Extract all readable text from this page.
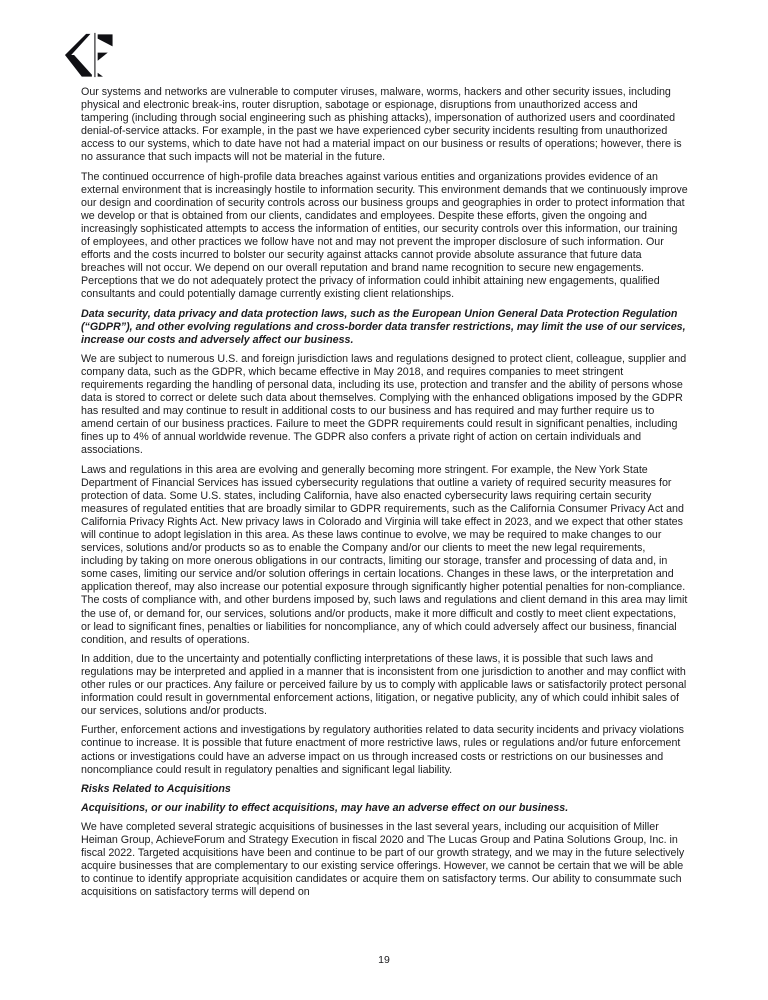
Our systems and networks are vulnerable to computer viruses, malware, worms, hackers and other security issues, including physical and electronic break-ins, router disruption, sabotage or espionage, disruptions from unauthorized access and tampering (including through social engineering such as phishing attacks), impersonation of authorized users and coordinated denial-of-service attacks. For example, in the past we have experienced cyber security incidents resulting from unauthorized access to our systems, which to date have not had a material impact on our business or results of operations; however, there is no assurance that such impacts will not be material in the future.
The continued occurrence of high-profile data breaches against various entities and organizations provides evidence of an external environment that is increasingly hostile to information security. This environment demands that we continuously improve our design and coordination of security controls across our business groups and geographies in order to protect information that we develop or that is obtained from our clients, candidates and employees. Despite these efforts, given the ongoing and increasingly sophisticated attempts to access the information of entities, our security controls over this information, our training of employees, and other practices we follow have not and may not prevent the improper disclosure of such information. Our efforts and the costs incurred to bolster our security against attacks cannot provide absolute assurance that future data breaches will not occur. We depend on our overall reputation and brand name recognition to secure new engagements. Perceptions that we do not adequately protect the privacy of information could inhibit attaining new engagements, qualified consultants and could potentially damage currently existing client relationships.
Data security, data privacy and data protection laws, such as the European Union General Data Protection Regulation (“GDPR”), and other evolving regulations and cross-border data transfer restrictions, may limit the use of our services, increase our costs and adversely affect our business.
We are subject to numerous U.S. and foreign jurisdiction laws and regulations designed to protect client, colleague, supplier and company data, such as the GDPR, which became effective in May 2018, and requires companies to meet stringent requirements regarding the handling of personal data, including its use, protection and transfer and the ability of persons whose data is stored to correct or delete such data about themselves. Complying with the enhanced obligations imposed by the GDPR has resulted and may continue to result in additional costs to our business and has required and may further require us to amend certain of our business practices. Failure to meet the GDPR requirements could result in significant penalties, including fines up to 4% of annual worldwide revenue. The GDPR also confers a private right of action on certain individuals and associations.
Laws and regulations in this area are evolving and generally becoming more stringent. For example, the New York State Department of Financial Services has issued cybersecurity regulations that outline a variety of required security measures for protection of data. Some U.S. states, including California, have also enacted cybersecurity laws requiring certain security measures of regulated entities that are broadly similar to GDPR requirements, such as the California Consumer Privacy Act and California Privacy Rights Act. New privacy laws in Colorado and Virginia will take effect in 2023, and we expect that other states will continue to adopt legislation in this area. As these laws continue to evolve, we may be required to make changes to our services, solutions and/or products so as to enable the Company and/or our clients to meet the new legal requirements, including by taking on more onerous obligations in our contracts, limiting our storage, transfer and processing of data and, in some cases, limiting our service and/or solution offerings in certain locations. Changes in these laws, or the interpretation and application thereof, may also increase our potential exposure through significantly higher potential penalties for non-compliance. The costs of compliance with, and other burdens imposed by, such laws and regulations and client demand in this area may limit the use of, or demand for, our services, solutions and/or products, make it more difficult and costly to meet client expectations, or lead to significant fines, penalties or liabilities for noncompliance, any of which could adversely affect our business, financial condition, and results of operations.
In addition, due to the uncertainty and potentially conflicting interpretations of these laws, it is possible that such laws and regulations may be interpreted and applied in a manner that is inconsistent from one jurisdiction to another and may conflict with other rules or our practices. Any failure or perceived failure by us to comply with applicable laws or satisfactorily protect personal information could result in governmental enforcement actions, litigation, or negative publicity, any of which could inhibit sales of our services, solutions and/or products.
Further, enforcement actions and investigations by regulatory authorities related to data security incidents and privacy violations continue to increase. It is possible that future enactment of more restrictive laws, rules or regulations and/or future enforcement actions or investigations could have an adverse impact on us through increased costs or restrictions on our businesses and noncompliance could result in regulatory penalties and significant legal liability.
Risks Related to Acquisitions
Acquisitions, or our inability to effect acquisitions, may have an adverse effect on our business.
We have completed several strategic acquisitions of businesses in the last several years, including our acquisition of Miller Heiman Group, AchieveForum and Strategy Execution in fiscal 2020 and The Lucas Group and Patina Solutions Group, Inc. in fiscal 2022. Targeted acquisitions have been and continue to be part of our growth strategy, and we may in the future selectively acquire businesses that are complementary to our existing service offerings. However, we cannot be certain that we will be able to continue to identify appropriate acquisition candidates or acquire them on satisfactory terms. Our ability to consummate such acquisitions on satisfactory terms will depend on
19
